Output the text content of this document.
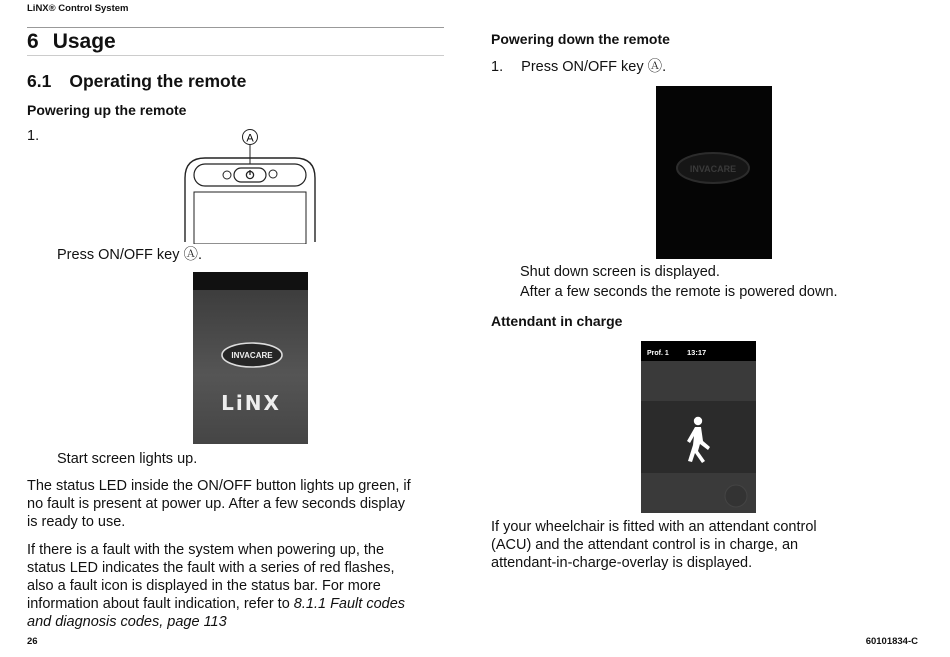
LiNX® Control System
6 Usage
6.1 Operating the remote
Powering up the remote
1.	A
Press ON/OFF key Ⓐ.
INVACARE
LiNX
Start screen lights up.
The status LED inside the ON/OFF button lights up green, if
no fault is present at power up. After a few seconds display
is ready to use.
If there is a fault with the system when powering up, the
status LED indicates the fault with a series of red flashes,
also a fault icon is displayed in the status bar. For more
information about fault indication, refer to 8.1.1 Fault codes
and diagnosis codes, page 113
Powering down the remote
1. Press ON/OFF key Ⓐ.
INVACARE
Shut down screen is displayed.
After a few seconds the remote is powered down.
Attendant in charge
Prof. 1 13:17
If your wheelchair is fitted with an attendant control
(ACU) and the attendant control is in charge, an
attendant-in-charge-overlay is displayed.
26	60101834-C
